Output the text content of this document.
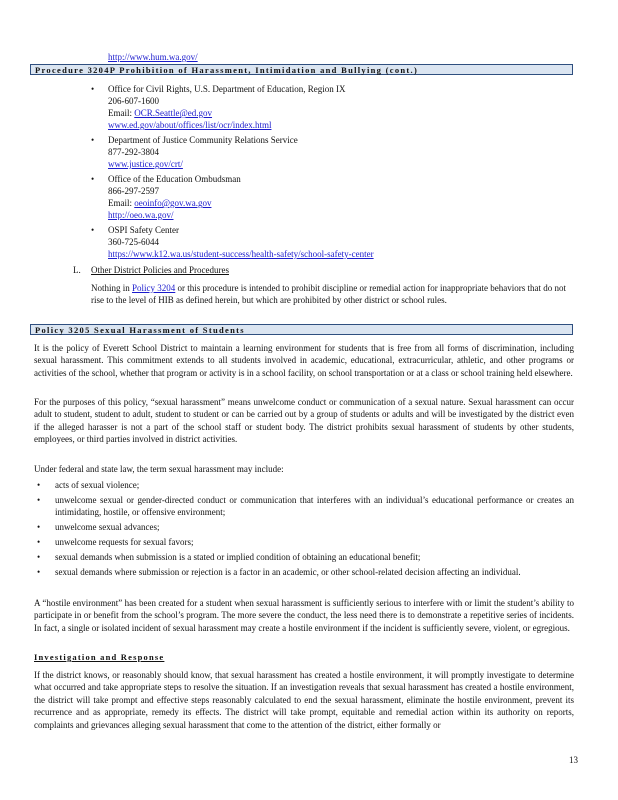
http://www.hum.wa.gov/
Procedure 3204P Prohibition of Harassment, Intimidation and Bullying (cont.)
• Office for Civil Rights, U.S. Department of Education, Region IX
206-607-1600
Email: OCR.Seattle@ed.gov
www.ed.gov/about/offices/list/ocr/index.html
• Department of Justice Community Relations Service
877-292-3804
www.justice.gov/crt/
• Office of the Education Ombudsman
866-297-2597
Email: oeoinfo@gov.wa.gov
http://oeo.wa.gov/
• OSPI Safety Center
360-725-6044
https://www.k12.wa.us/student-success/health-safety/school-safety-center
L. Other District Policies and Procedures
Nothing in Policy 3204 or this procedure is intended to prohibit discipline or remedial action for inappropriate behaviors that do not rise to the level of HIB as defined herein, but which are prohibited by other district or school rules.
Policy 3205 Sexual Harassment of Students
It is the policy of Everett School District to maintain a learning environment for students that is free from all forms of discrimination, including sexual harassment. This commitment extends to all students involved in academic, educational, extracurricular, athletic, and other programs or activities of the school, whether that program or activity is in a school facility, on school transportation or at a class or school training held elsewhere.
For the purposes of this policy, “sexual harassment” means unwelcome conduct or communication of a sexual nature. Sexual harassment can occur adult to student, student to adult, student to student or can be carried out by a group of students or adults and will be investigated by the district even if the alleged harasser is not a part of the school staff or student body. The district prohibits sexual harassment of students by other students, employees, or third parties involved in district activities.
Under federal and state law, the term sexual harassment may include:
• acts of sexual violence;
• unwelcome sexual or gender-directed conduct or communication that interferes with an individual’s educational performance or creates an intimidating, hostile, or offensive environment;
• unwelcome sexual advances;
• unwelcome requests for sexual favors;
• sexual demands when submission is a stated or implied condition of obtaining an educational benefit;
• sexual demands where submission or rejection is a factor in an academic, or other school-related decision affecting an individual.
A “hostile environment” has been created for a student when sexual harassment is sufficiently serious to interfere with or limit the student’s ability to participate in or benefit from the school’s program. The more severe the conduct, the less need there is to demonstrate a repetitive series of incidents. In fact, a single or isolated incident of sexual harassment may create a hostile environment if the incident is sufficiently severe, violent, or egregious.
Investigation and Response
If the district knows, or reasonably should know, that sexual harassment has created a hostile environment, it will promptly investigate to determine what occurred and take appropriate steps to resolve the situation. If an investigation reveals that sexual harassment has created a hostile environment, the district will take prompt and effective steps reasonably calculated to end the sexual harassment, eliminate the hostile environment, prevent its recurrence and as appropriate, remedy its effects. The district will take prompt, equitable and remedial action within its authority on reports, complaints and grievances alleging sexual harassment that come to the attention of the district, either formally or
13
